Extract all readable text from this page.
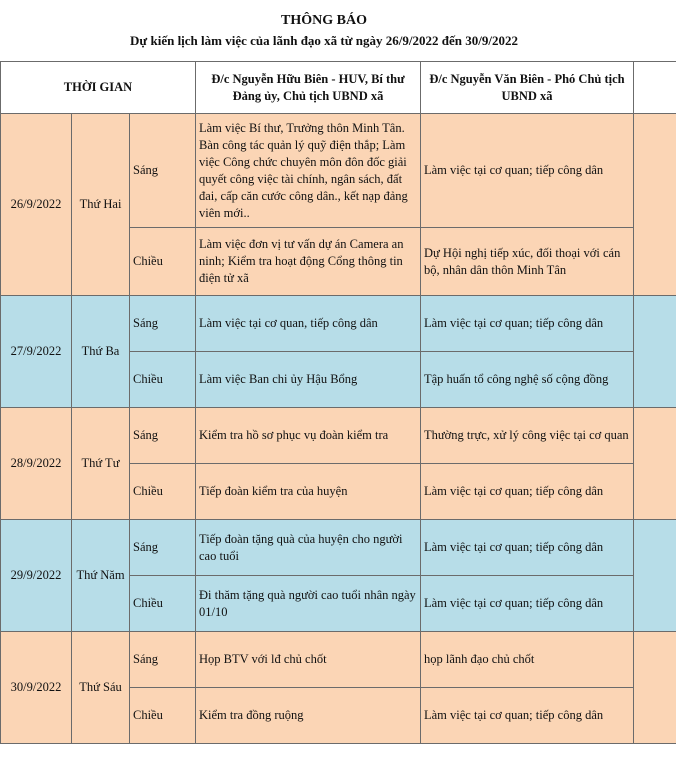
THÔNG BÁO
Dự kiến lịch làm việc của lãnh đạo xã từ ngày 26/9/2022 đến 30/9/2022
THỜI GIAN			Đ/c Nguyễn Hữu Biên - HUV, Bí thư Đảng ủy, Chủ tịch UBND xã	Đ/c Nguyễn Văn Biên - Phó Chủ tịch UBND xã	
26/9/2022	Thứ Hai	Sáng	Làm việc Bí thư, Trưởng thôn Minh Tân. Bàn công tác quản lý quỹ điện thắp; Làm việc Công chức chuyên môn đôn đốc giải quyết công việc tài chính, ngân sách, đất đai, cấp căn cước công dân., kết nạp đảng viên mới..	Làm việc tại cơ quan; tiếp công dân	
		Chiều	Làm việc đơn vị tư vấn dự án Camera an ninh; Kiểm tra hoạt động Cổng thông tin điện tử xã	Dự Hội nghị tiếp xúc, đối thoại với cán bộ, nhân dân thôn Minh Tân	
27/9/2022	Thứ Ba	Sáng	Làm việc tại cơ quan, tiếp công dân	Làm việc tại cơ quan; tiếp công dân	
		Chiều	Làm việc Ban chi ủy Hậu Bổng	Tập huấn tổ công nghệ số cộng đồng	
28/9/2022	Thứ Tư	Sáng	Kiểm tra hồ sơ phục vụ đoàn kiểm tra	Thường trực, xử lý công việc tại cơ quan	
		Chiều	Tiếp đoàn kiểm tra của huyện	Làm việc tại cơ quan; tiếp công dân	
29/9/2022	Thứ Năm	Sáng	Tiếp đoàn tặng quà của huyện cho người cao tuổi	Làm việc tại cơ quan; tiếp công dân	
		Chiều	Đi thăm tặng quà người cao tuổi nhân ngày 01/10	Làm việc tại cơ quan; tiếp công dân	
30/9/2022	Thứ Sáu	Sáng	Họp BTV với lđ chủ chốt	họp lãnh đạo chủ chốt	
		Chiều	Kiểm tra đồng ruộng	Làm việc tại cơ quan; tiếp công dân	
